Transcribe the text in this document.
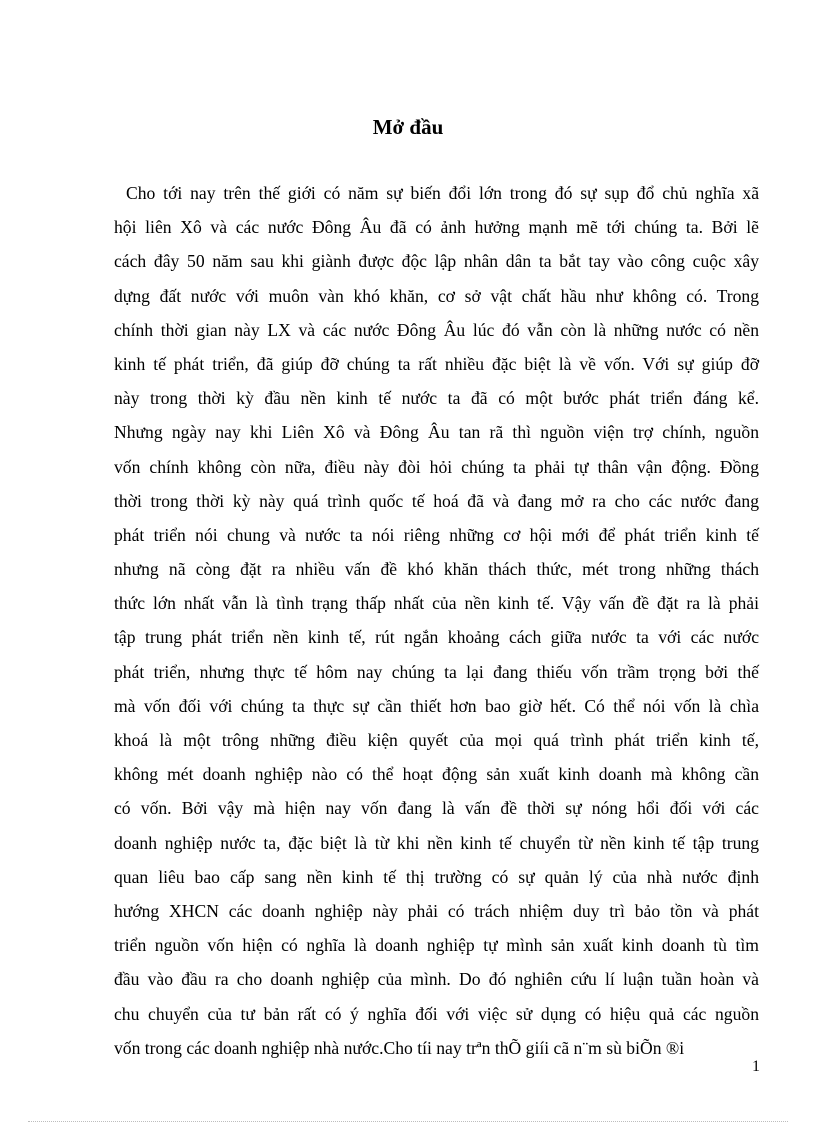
Mở đầu
Cho tới nay trên thế giới có năm sự biến đổi lớn trong đó sự sụp đổ chủ nghĩa xã
hội liên Xô và các nước Đông Âu đã có ảnh hưởng mạnh mẽ tới chúng ta. Bởi lẽ
cách đây 50 năm sau khi giành được độc lập nhân dân ta bắt tay vào công cuộc xây
dựng đất nước với muôn vàn khó khăn, cơ sở vật chất hầu như không có. Trong
chính thời gian này LX và các nước Đông Âu lúc đó vẫn còn là những nước có nền
kinh tế phát triển, đã giúp đỡ chúng ta rất nhiều đặc biệt là về vốn. Với sự giúp đỡ
này trong thời kỳ đầu nền kinh tế nước ta đã có một bước phát triển đáng kể.
Nhưng ngày nay khi Liên Xô và Đông Âu tan rã thì nguồn viện trợ chính, nguồn
vốn chính không còn nữa, điều này đòi hỏi chúng ta phải tự thân vận động. Đồng
thời trong thời kỳ này quá trình quốc tế hoá đã và đang mở ra cho các nước đang
phát triển nói chung và nước ta nói riêng những cơ hội mới để phát triển kinh tế
nhưng nã còng đặt ra nhiều vấn đề khó khăn thách thức, mét trong những thách
thức lớn nhất vẫn là tình trạng thấp nhất của nền kinh tế. Vậy vấn đề đặt ra là phải
tập trung phát triển nền kinh tế, rút ngắn khoảng cách giữa nước ta với các nước
phát triển, nhưng thực tế hôm nay chúng ta lại đang thiếu vốn trầm trọng bởi thế
mà vốn đối với chúng ta thực sự cần thiết hơn bao giờ hết. Có thể nói vốn là chìa
khoá là một trông những điều kiện quyết của mọi quá trình phát triển kinh tế,
không mét doanh nghiệp nào có thể hoạt động sản xuất kinh doanh mà không cần
có vốn. Bởi vậy mà hiện nay vốn đang là vấn đề thời sự nóng hổi đối với các
doanh nghiệp nước ta, đặc biệt là từ khi nền kinh tế chuyển từ nền kinh tế tập trung
quan liêu bao cấp sang nền kinh tế thị trường có sự quản lý của nhà nước định
hướng XHCN các doanh nghiệp này phải có trách nhiệm duy trì bảo tồn và phát
triển nguồn vốn hiện có nghĩa là doanh nghiệp tự mình sản xuất kinh doanh tù tìm
đầu vào đầu ra cho doanh nghiệp của mình. Do đó nghiên cứu lí luận tuần hoàn và
chu chuyển của tư bản rất có ý nghĩa đối với việc sử dụng có hiệu quả các nguồn
vốn trong các doanh nghiệp nhà nước.Cho tíi nay trªn thÕ giíi cã n¨m sù biÕn ®i
1
